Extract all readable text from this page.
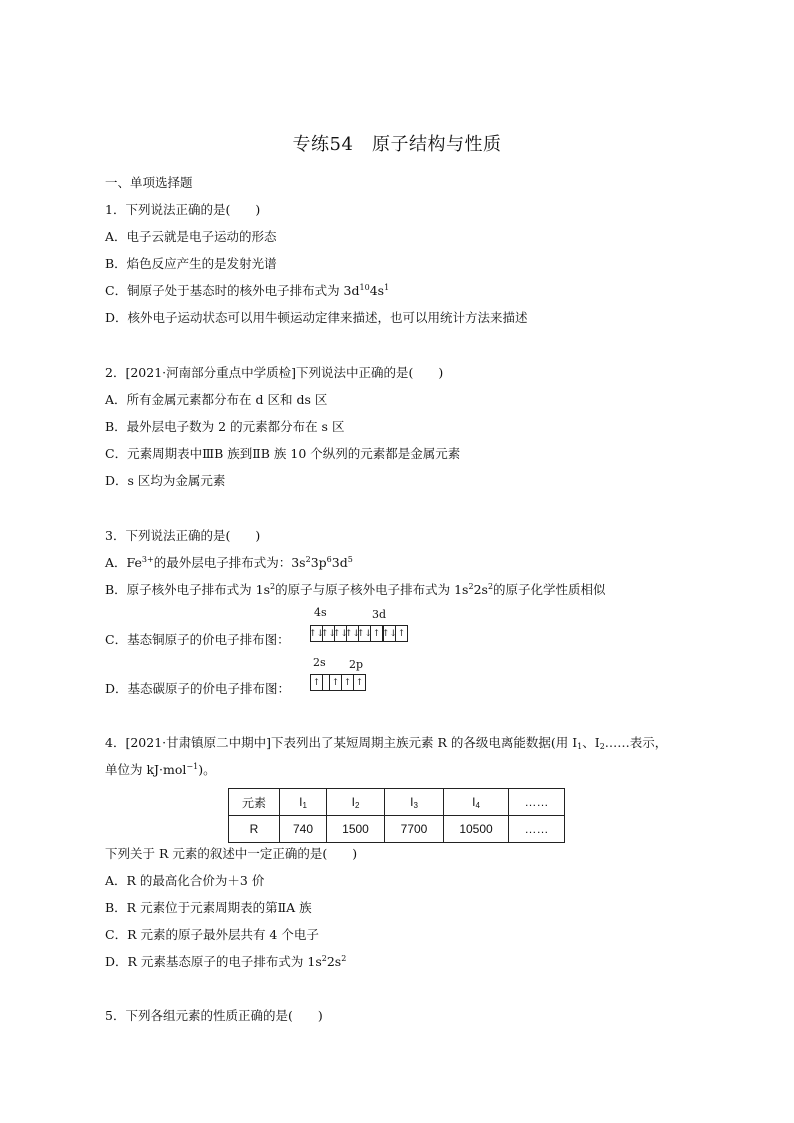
专练54　原子结构与性质
一、单项选择题
1．下列说法正确的是(　　)
A．电子云就是电子运动的形态
B．焰色反应产生的是发射光谱
C．铜原子处于基态时的核外电子排布式为 $3d^{10}4s^1$
D．核外电子运动状态可以用牛顿运动定律来描述，也可以用统计方法来描述
2．[2021·河南部分重点中学质检]下列说法中正确的是(　　)
A．所有金属元素都分布在 d 区和 ds 区
B．最外层电子数为 2 的元素都分布在 s 区
C．元素周期表中ⅢB 族到ⅡB 族 10 个纵列的元素都是金属元素
D．s 区均为金属元素
3．下列说法正确的是(　　)
A．$Fe^{3+}$的最外层电子排布式为：$3s^23p^63d^5$
B．原子核外电子排布式为 $1s^2$的原子与原子核外电子排布式为 $1s^22s^2$的原子化学性质相似
4s	3d
C．基态铜原子的价电子排布图： ↑↓
↑↓
↑↓
↑↓
↑↓ ↑ ↑↓ ↑
2s 2p
D．基态碳原子的价电子排布图：	↑	↑ ↑ ↑
4．[2021·甘肃镇原二中期中]下表列出了某短周期主族元素 R 的各级电离能数据(用 $I_1$、$I_2\dots\dots$表示，
单位为 kJ·mol$^{-1}$)。
元素	$I_1$	$I_2$	$I_3$	$I_4$	……
R	740	1500	7700	10500	……
下列关于 R 元素的叙述中一定正确的是(　　)
A．R 的最高化合价为＋3 价
B．R 元素位于元素周期表的第ⅡA 族
C．R 元素的原子最外层共有 4 个电子
D．R 元素基态原子的电子排布式为 $1s^22s^2$
5．下列各组元素的性质正确的是(　　)
